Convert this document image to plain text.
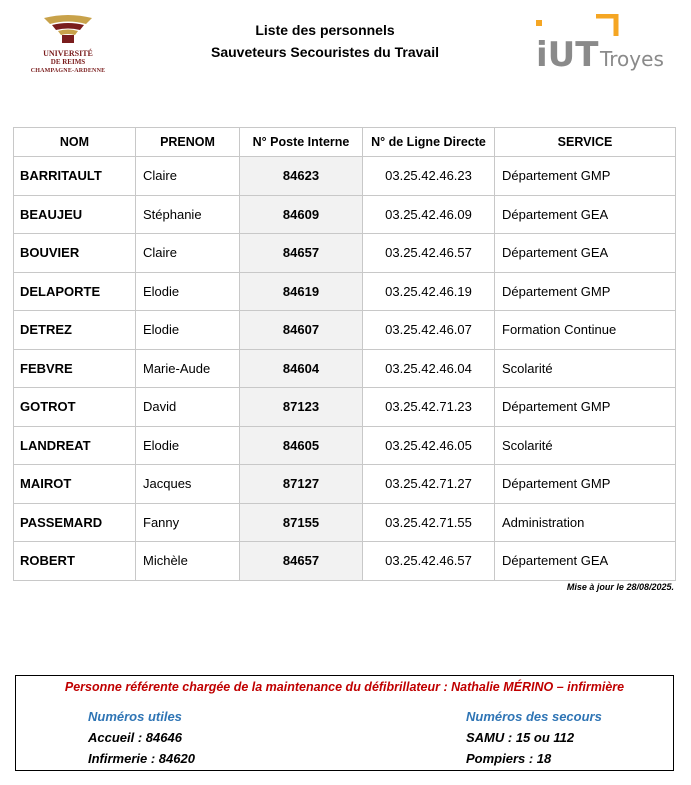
UNIVERSITÉ
DE REIMS
CHAMPAGNE-ARDENNE
Liste des personnels
Sauveteurs Secouristes du Travail	iUT Troyes
NOM	PRENOM	N° Poste Interne	N° de Ligne Directe	SERVICE
BARRITAULT	Claire	84623	03.25.42.46.23	Département GMP
BEAUJEU	Stéphanie	84609	03.25.42.46.09	Département GEA
BOUVIER	Claire	84657	03.25.42.46.57	Département GEA
DELAPORTE	Elodie	84619	03.25.42.46.19	Département GMP
DETREZ	Elodie	84607	03.25.42.46.07	Formation Continue
FEBVRE	Marie-Aude	84604	03.25.42.46.04	Scolarité
GOTROT	David	87123	03.25.42.71.23	Département GMP
LANDREAT	Elodie	84605	03.25.42.46.05	Scolarité
MAIROT	Jacques	87127	03.25.42.71.27	Département GMP
PASSEMARD	Fanny	87155	03.25.42.71.55	Administration
ROBERT	Michèle	84657	03.25.42.46.57	Département GEA
Mise à jour le 28/08/2025.
Personne référente chargée de la maintenance du défibrillateur : Nathalie MÉRINO – infirmière
Numéros utiles
Accueil : 84646
Infirmerie : 84620
Numéros des secours
SAMU : 15 ou 112
Pompiers : 18
